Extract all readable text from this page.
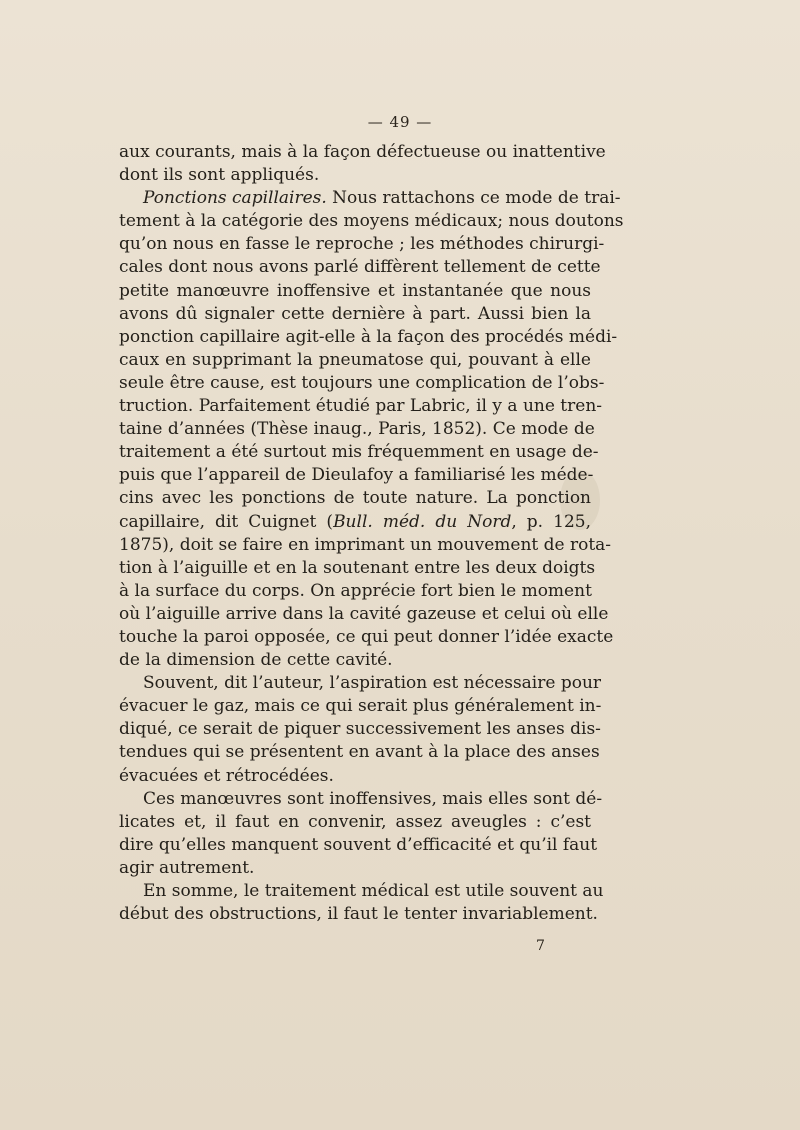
— 49 —
aux courants, mais à la façon défectueuse ou inattentive
dont ils sont appliqués.
Ponctions capillaires. Nous rattachons ce mode de trai-
tement à la catégorie des moyens médicaux; nous doutons
qu’on nous en fasse le reproche ; les méthodes chirurgi-
cales dont nous avons parlé diffèrent tellement de cette
petite manœuvre inoffensive et instantanée que nous
avons dû signaler cette dernière à part. Aussi bien la
ponction capillaire agit-elle à la façon des procédés médi-
caux en supprimant la pneumatose qui, pouvant à elle
seule être cause, est toujours une complication de l’obs-
truction. Parfaitement étudié par Labric, il y a une tren-
taine d’années (Thèse inaug., Paris, 1852). Ce mode de
traitement a été surtout mis fréquemment en usage de-
puis que l’appareil de Dieulafoy a familiarisé les méde-
cins avec les ponctions de toute nature. La ponction
capillaire, dit Cuignet (Bull. méd. du Nord, p. 125,
1875), doit se faire en imprimant un mouvement de rota-
tion à l’aiguille et en la soutenant entre les deux doigts
à la surface du corps. On apprécie fort bien le moment
où l’aiguille arrive dans la cavité gazeuse et celui où elle
touche la paroi opposée, ce qui peut donner l’idée exacte
de la dimension de cette cavité.
Souvent, dit l’auteur, l’aspiration est nécessaire pour
évacuer le gaz, mais ce qui serait plus généralement in-
diqué, ce serait de piquer successivement les anses dis-
tendues qui se présentent en avant à la place des anses
évacuées et rétrocédées.
Ces manœuvres sont inoffensives, mais elles sont dé-
licates et, il faut en convenir, assez aveugles : c’est
dire qu’elles manquent souvent d’efficacité et qu’il faut
agir autrement.
En somme, le traitement médical est utile souvent au
début des obstructions, il faut le tenter invariablement.
7
